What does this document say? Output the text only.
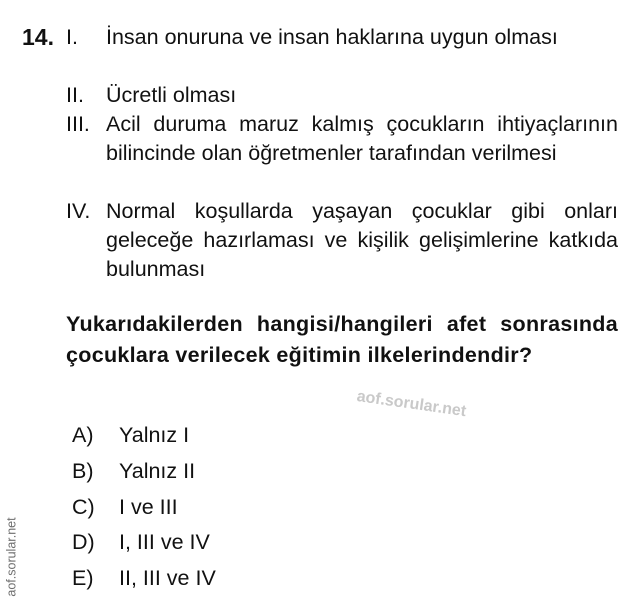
14. I. İnsan onuruna ve insan haklarına uygun olması
II. Ücretli olması
III. Acil duruma maruz kalmış çocukların ihtiyaçlarının bilincinde olan öğretmenler tarafından verilmesi
IV. Normal koşullarda yaşayan çocuklar gibi onları geleceğe hazırlaması ve kişilik gelişimlerine katkıda bulunması
Yukarıdakilerden hangisi/hangileri afet sonrasında çocuklara verilecek eğitimin ilkelerindendir?
aof.sorular.net
aof.sorular.net
A) Yalnız I
B) Yalnız II
C) I ve III
D) I, III ve IV
E) II, III ve IV
